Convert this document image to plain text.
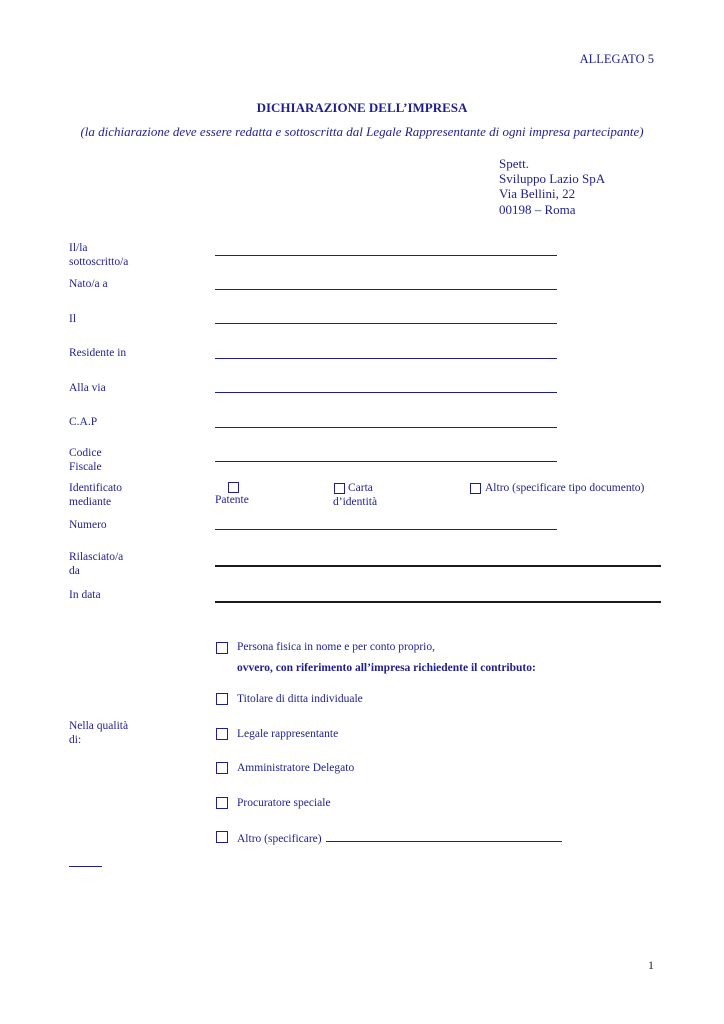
ALLEGATO 5
DICHIARAZIONE DELL’IMPRESA
(la dichiarazione deve essere redatta e sottoscritta dal Legale Rappresentante di ogni impresa partecipante)
Spett.
Sviluppo Lazio SpA
Via Bellini, 22
00198 – Roma
Il/la
sottoscritto/a
Nato/a a
Il
Residente in
Alla via
C.A.P
Codice
Fiscale
Identificato
mediante	Patente
Carta
d’identità
Altro (specificare tipo documento)
Numero
Rilasciato/a
da
In data
Persona fisica in nome e per conto proprio,
ovvero, con riferimento all’impresa richiedente il contributo:
Titolare di ditta individuale
Nella qualità
di:	Legale rappresentante
Amministratore Delegato
Procuratore speciale
Altro (specificare)
1
